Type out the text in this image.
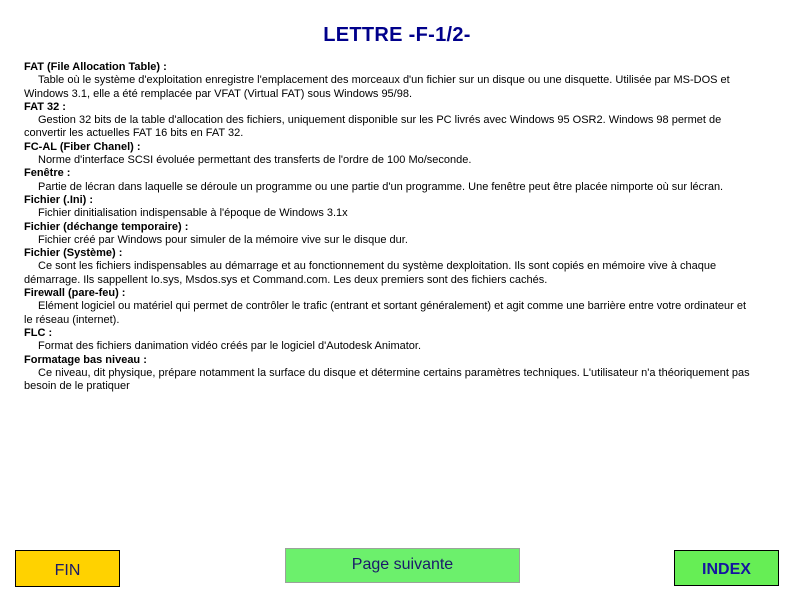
LETTRE -F-1/2-
FAT (File Allocation Table) :
Table où le système d'exploitation enregistre l'emplacement des morceaux d'un fichier sur un disque ou une disquette. Utilisée par MS-DOS et Windows 3.1, elle a été remplacée par VFAT (Virtual FAT) sous Windows 95/98.
FAT 32 :
Gestion 32 bits de la table d'allocation des fichiers, uniquement disponible sur les PC livrés avec Windows 95 OSR2. Windows 98 permet de convertir les actuelles FAT 16 bits en FAT 32.
FC-AL (Fiber Chanel) :
Norme d'interface SCSI évoluée permettant des transferts de l'ordre de 100 Mo/seconde.
Fenêtre :
Partie de lécran dans laquelle se déroule un programme ou une partie d'un programme. Une fenêtre peut être placée nimporte où sur lécran.
Fichier (.Ini) :
Fichier dinitialisation indispensable à l'époque de Windows 3.1x
Fichier (déchange temporaire) :
Fichier créé par Windows pour simuler de la mémoire vive sur le disque dur.
Fichier (Système) :
Ce sont les fichiers indispensables au démarrage et au fonctionnement du système dexploitation. Ils sont copiés en mémoire vive à chaque démarrage. Ils sappellent Io.sys, Msdos.sys et Command.com. Les deux premiers sont des fichiers cachés.
Firewall (pare-feu) :
Elément logiciel ou matériel qui permet de contrôler le trafic (entrant et sortant généralement) et agit comme une barrière entre votre ordinateur et le réseau (internet).
FLC :
Format des fichiers danimation vidéo créés par le logiciel d'Autodesk Animator.
Formatage bas niveau :
Ce niveau, dit physique, prépare notamment la surface du disque et détermine certains paramètres techniques. L'utilisateur n'a théoriquement pas besoin de le pratiquer
FIN	Page suivante	INDEX
